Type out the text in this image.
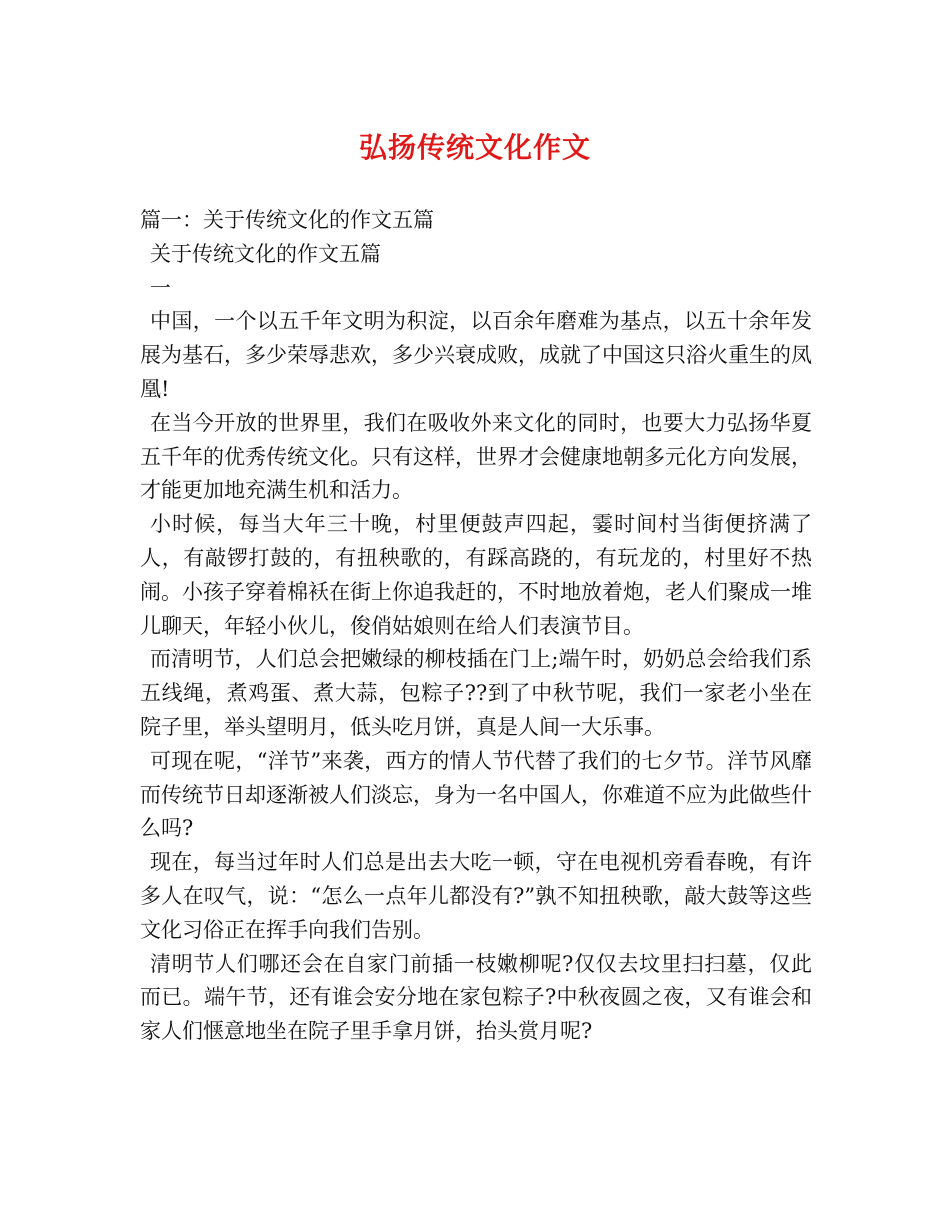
弘扬传统文化作文

篇一：关于传统文化的作文五篇

关于传统文化的作文五篇

一

中国，一个以五千年文明为积淀，以百余年磨难为基点，以五十余年发展为基石，多少荣辱悲欢，多少兴衰成败，成就了中国这只浴火重生的凤凰!

在当今开放的世界里，我们在吸收外来文化的同时，也要大力弘扬华夏五千年的优秀传统文化。只有这样，世界才会健康地朝多元化方向发展，才能更加地充满生机和活力。

小时候，每当大年三十晚，村里便鼓声四起，霎时间村当街便挤满了人，有敲锣打鼓的，有扭秧歌的，有踩高跷的，有玩龙的，村里好不热闹。小孩子穿着棉袄在街上你追我赶的，不时地放着炮，老人们聚成一堆儿聊天，年轻小伙儿，俊俏姑娘则在给人们表演节目。

而清明节，人们总会把嫩绿的柳枝插在门上;端午时，奶奶总会给我们系五线绳，煮鸡蛋、煮大蒜，包粽子??到了中秋节呢，我们一家老小坐在院子里，举头望明月，低头吃月饼，真是人间一大乐事。

可现在呢，“洋节”来袭，西方的情人节代替了我们的七夕节。洋节风靡而传统节日却逐渐被人们淡忘，身为一名中国人，你难道不应为此做些什么吗?

现在，每当过年时人们总是出去大吃一顿，守在电视机旁看春晚，有许多人在叹气，说：“怎么一点年儿都没有?”孰不知扭秧歌，敲大鼓等这些文化习俗正在挥手向我们告别。

清明节人们哪还会在自家门前插一枝嫩柳呢?仅仅去坟里扫扫墓，仅此而已。端午节，还有谁会安分地在家包粽子?中秋夜圆之夜，又有谁会和家人们惬意地坐在院子里手拿月饼，抬头赏月呢?
